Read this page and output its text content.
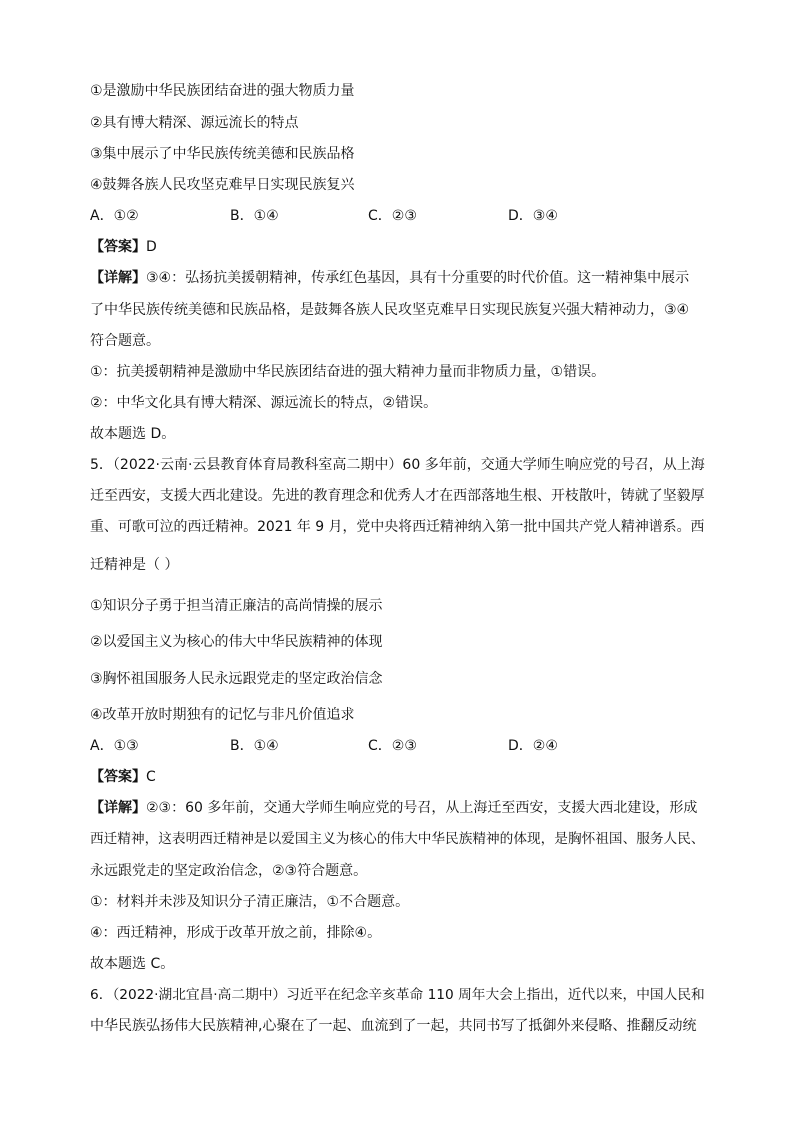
①是激励中华民族团结奋进的强大物质力量
②具有博大精深、源远流长的特点
③集中展示了中华民族传统美德和民族品格
④鼓舞各族人民攻坚克难早日实现民族复兴
A．①②	B．①④	C．②③	D．③④
【答案】D
【详解】③④：弘扬抗美援朝精神，传承红色基因，具有十分重要的时代价值。这一精神集中展示
了中华民族传统美德和民族品格，是鼓舞各族人民攻坚克难早日实现民族复兴强大精神动力，③④
符合题意。
①：抗美援朝精神是激励中华民族团结奋进的强大精神力量而非物质力量，①错误。
②：中华文化具有博大精深、源远流长的特点，②错误。
故本题选 D。
5．（2022·云南·云县教育体育局教科室高二期中）60 多年前，交通大学师生响应党的号召，从上海
迁至西安，支援大西北建设。先进的教育理念和优秀人才在西部落地生根、开枝散叶，铸就了坚毅厚
重、可歌可泣的西迁精神。2021 年 9 月，党中央将西迁精神纳入第一批中国共产党人精神谱系。西
迁精神是（ ）
①知识分子勇于担当清正廉洁的高尚情操的展示
②以爱国主义为核心的伟大中华民族精神的体现
③胸怀祖国服务人民永远跟党走的坚定政治信念
④改革开放时期独有的记忆与非凡价值追求
A．①③	B．①④	C．②③	D．②④
【答案】C
【详解】②③：60 多年前，交通大学师生响应党的号召，从上海迁至西安，支援大西北建设，形成
西迁精神，这表明西迁精神是以爱国主义为核心的伟大中华民族精神的体现，是胸怀祖国、服务人民、
永远跟党走的坚定政治信念，②③符合题意。
①：材料并未涉及知识分子清正廉洁，①不合题意。
④：西迁精神，形成于改革开放之前，排除④。
故本题选 C。
6．（2022·湖北宜昌·高二期中）习近平在纪念辛亥革命 110 周年大会上指出，近代以来，中国人民和
中华民族弘扬伟大民族精神,心聚在了一起、血流到了一起，共同书写了抵御外来侵略、推翻反动统
